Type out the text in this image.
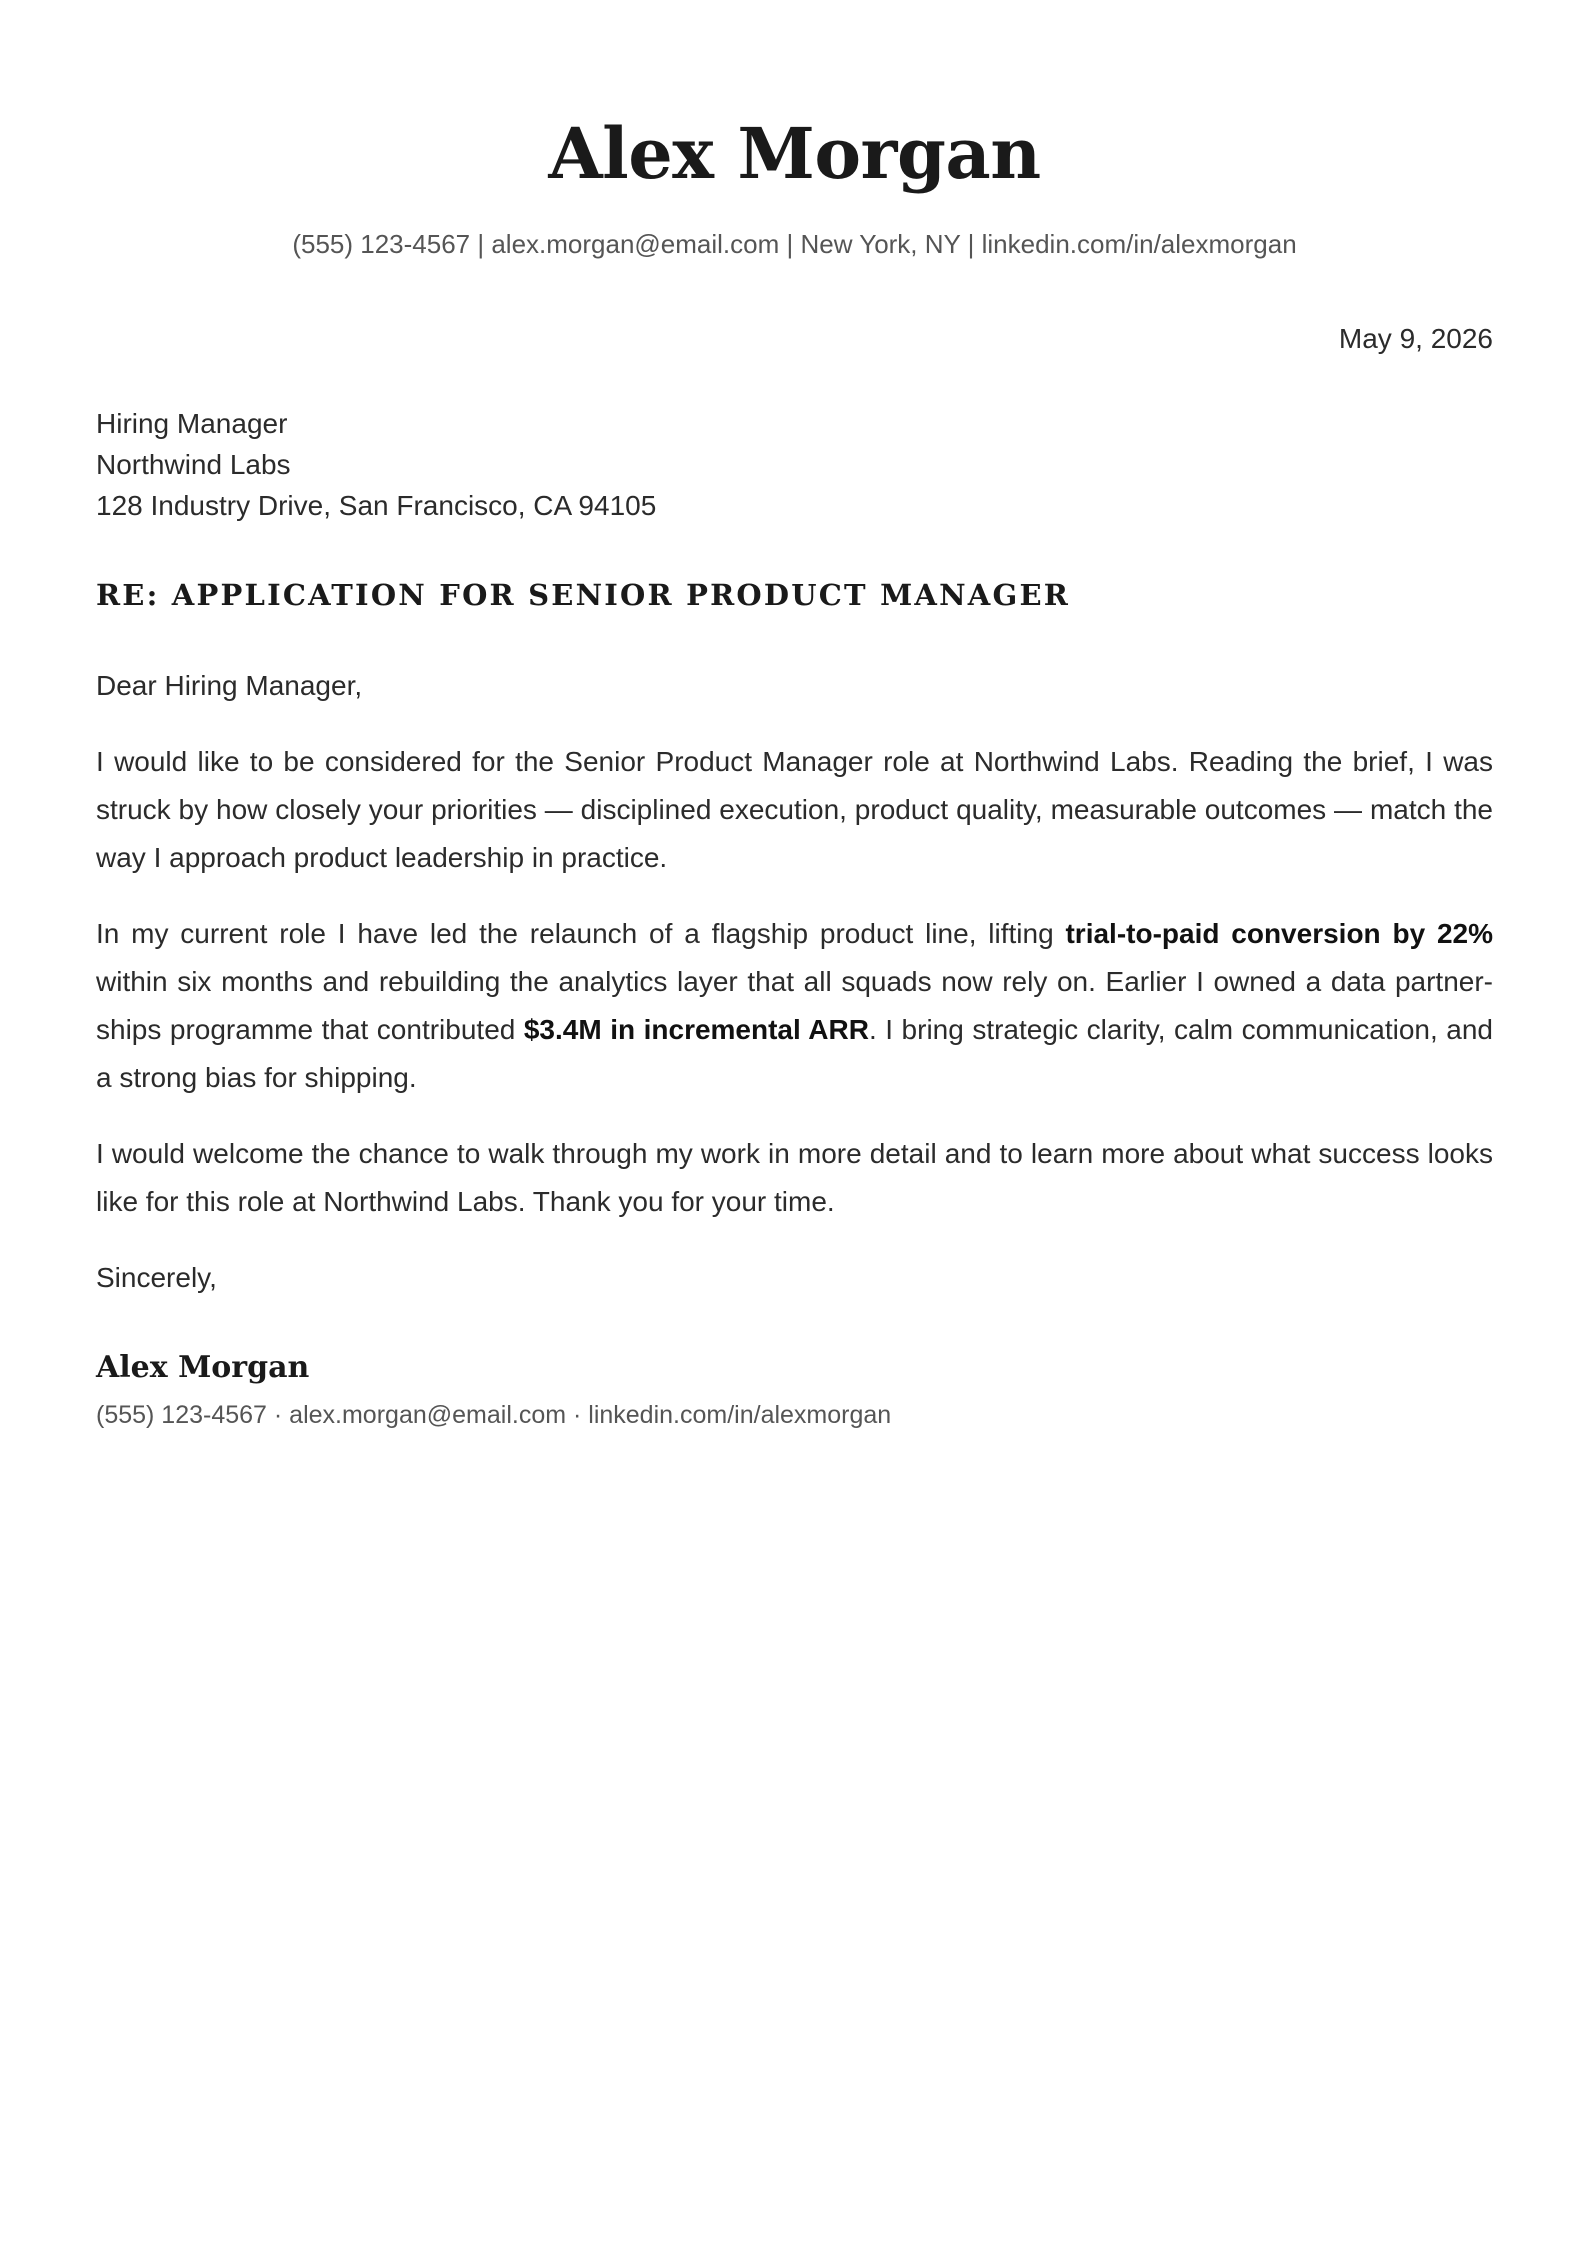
Alex Morgan
(555) 123-4567 | alex.morgan@email.com | New York, NY | linkedin.com/in/alexmorgan
May 9, 2026
Hiring Manager
Northwind Labs
128 Industry Drive, San Francisco, CA 94105
RE: APPLICATION FOR SENIOR PRODUCT MANAGER

Dear Hiring Manager,

I would like to be considered for the Senior Product Manager role at Northwind Labs. Reading the brief, I was struck by how closely your priorities — disciplined execution, product quality, measurable outcomes — match the way I approach product leadership in practice.

In my current role I have led the relaunch of a flagship product line, lifting trial-to-paid conversion by 22% within six months and rebuilding the analytics layer that all squads now rely on. Earlier I owned a data partnerships programme that contributed $3.4M in incremental ARR. I bring strategic clarity, calm communication, and a strong bias for shipping.

I would welcome the chance to walk through my work in more detail and to learn more about what success looks like for this role at Northwind Labs. Thank you for your time.

Sincerely,

Alex Morgan
(555) 123-4567 · alex.morgan@email.com · linkedin.com/in/alexmorgan
